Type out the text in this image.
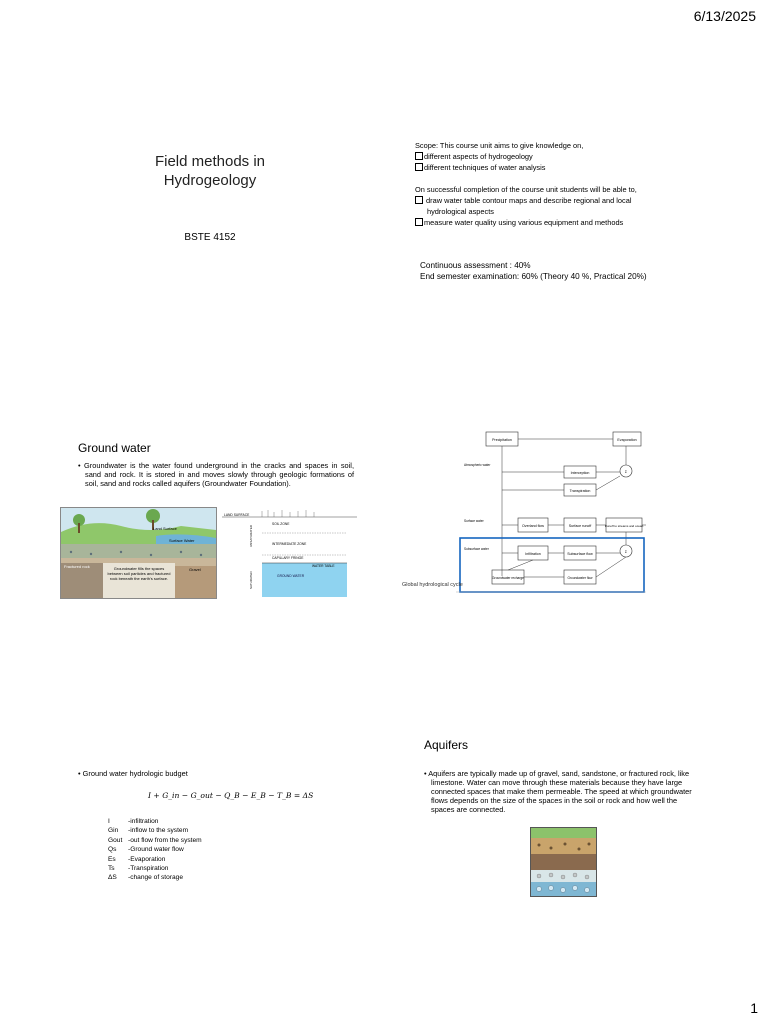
6/13/2025
1
Field methods in
Hydrogeology
BSTE 4152
Scope: This course unit aims to give knowledge on,
different aspects of hydrogeology
different techniques of water analysis
On successful completion of the course unit students will be able to,
draw water table contour maps and describe regional and local
hydrological aspects
measure water quality using various equipment and methods
Continuous assessment : 40%
End semester examination: 60% (Theory 40 %, Practical 20%)
Ground water
• Groundwater is the water found underground in the cracks and spaces in soil, sand and rock. It is stored in and moves slowly through geologic formations of soil, sand and rocks called aquifers (Groundwater Foundation).
Land Surface
Surface Water
Fractured rock
Gravel
Groundwater fills the spaces between soil particles and fractured rock beneath the earth's surface.
LAND SURFACE
SOIL ZONE
INTERMEDIATE ZONE
CAPILLARY FRINGE
WATER TABLE
GROUND WATER
UNSATURATED
SATURATED
Precipitation	Evaporation
Interception
Transpiration
Overland flow	Surface runoff	Runoff to streams and ocean
Infiltration	Subsurface flow
Groundwater recharge	Groundwater flow
Σ
Σ
Atmospheric water
Surface water
Subsurface water
Global hydrological cycle
• Ground water hydrologic budget
I + G_in − G_out − Q_B − E_B − T_B = ΔS
I	-infiltration
Gin -inflow to the system
Gout -out flow from the system
Qs -Ground water flow
Es -Evaporation
Ts -Transpiration
ΔS -change of storage
Aquifers
• Aquifers are typically made up of gravel, sand, sandstone, or fractured rock, like limestone. Water can move through these materials because they have large connected spaces that make them permeable. The speed at which groundwater flows depends on the size of the spaces in the soil or rock and how well the spaces are connected.
